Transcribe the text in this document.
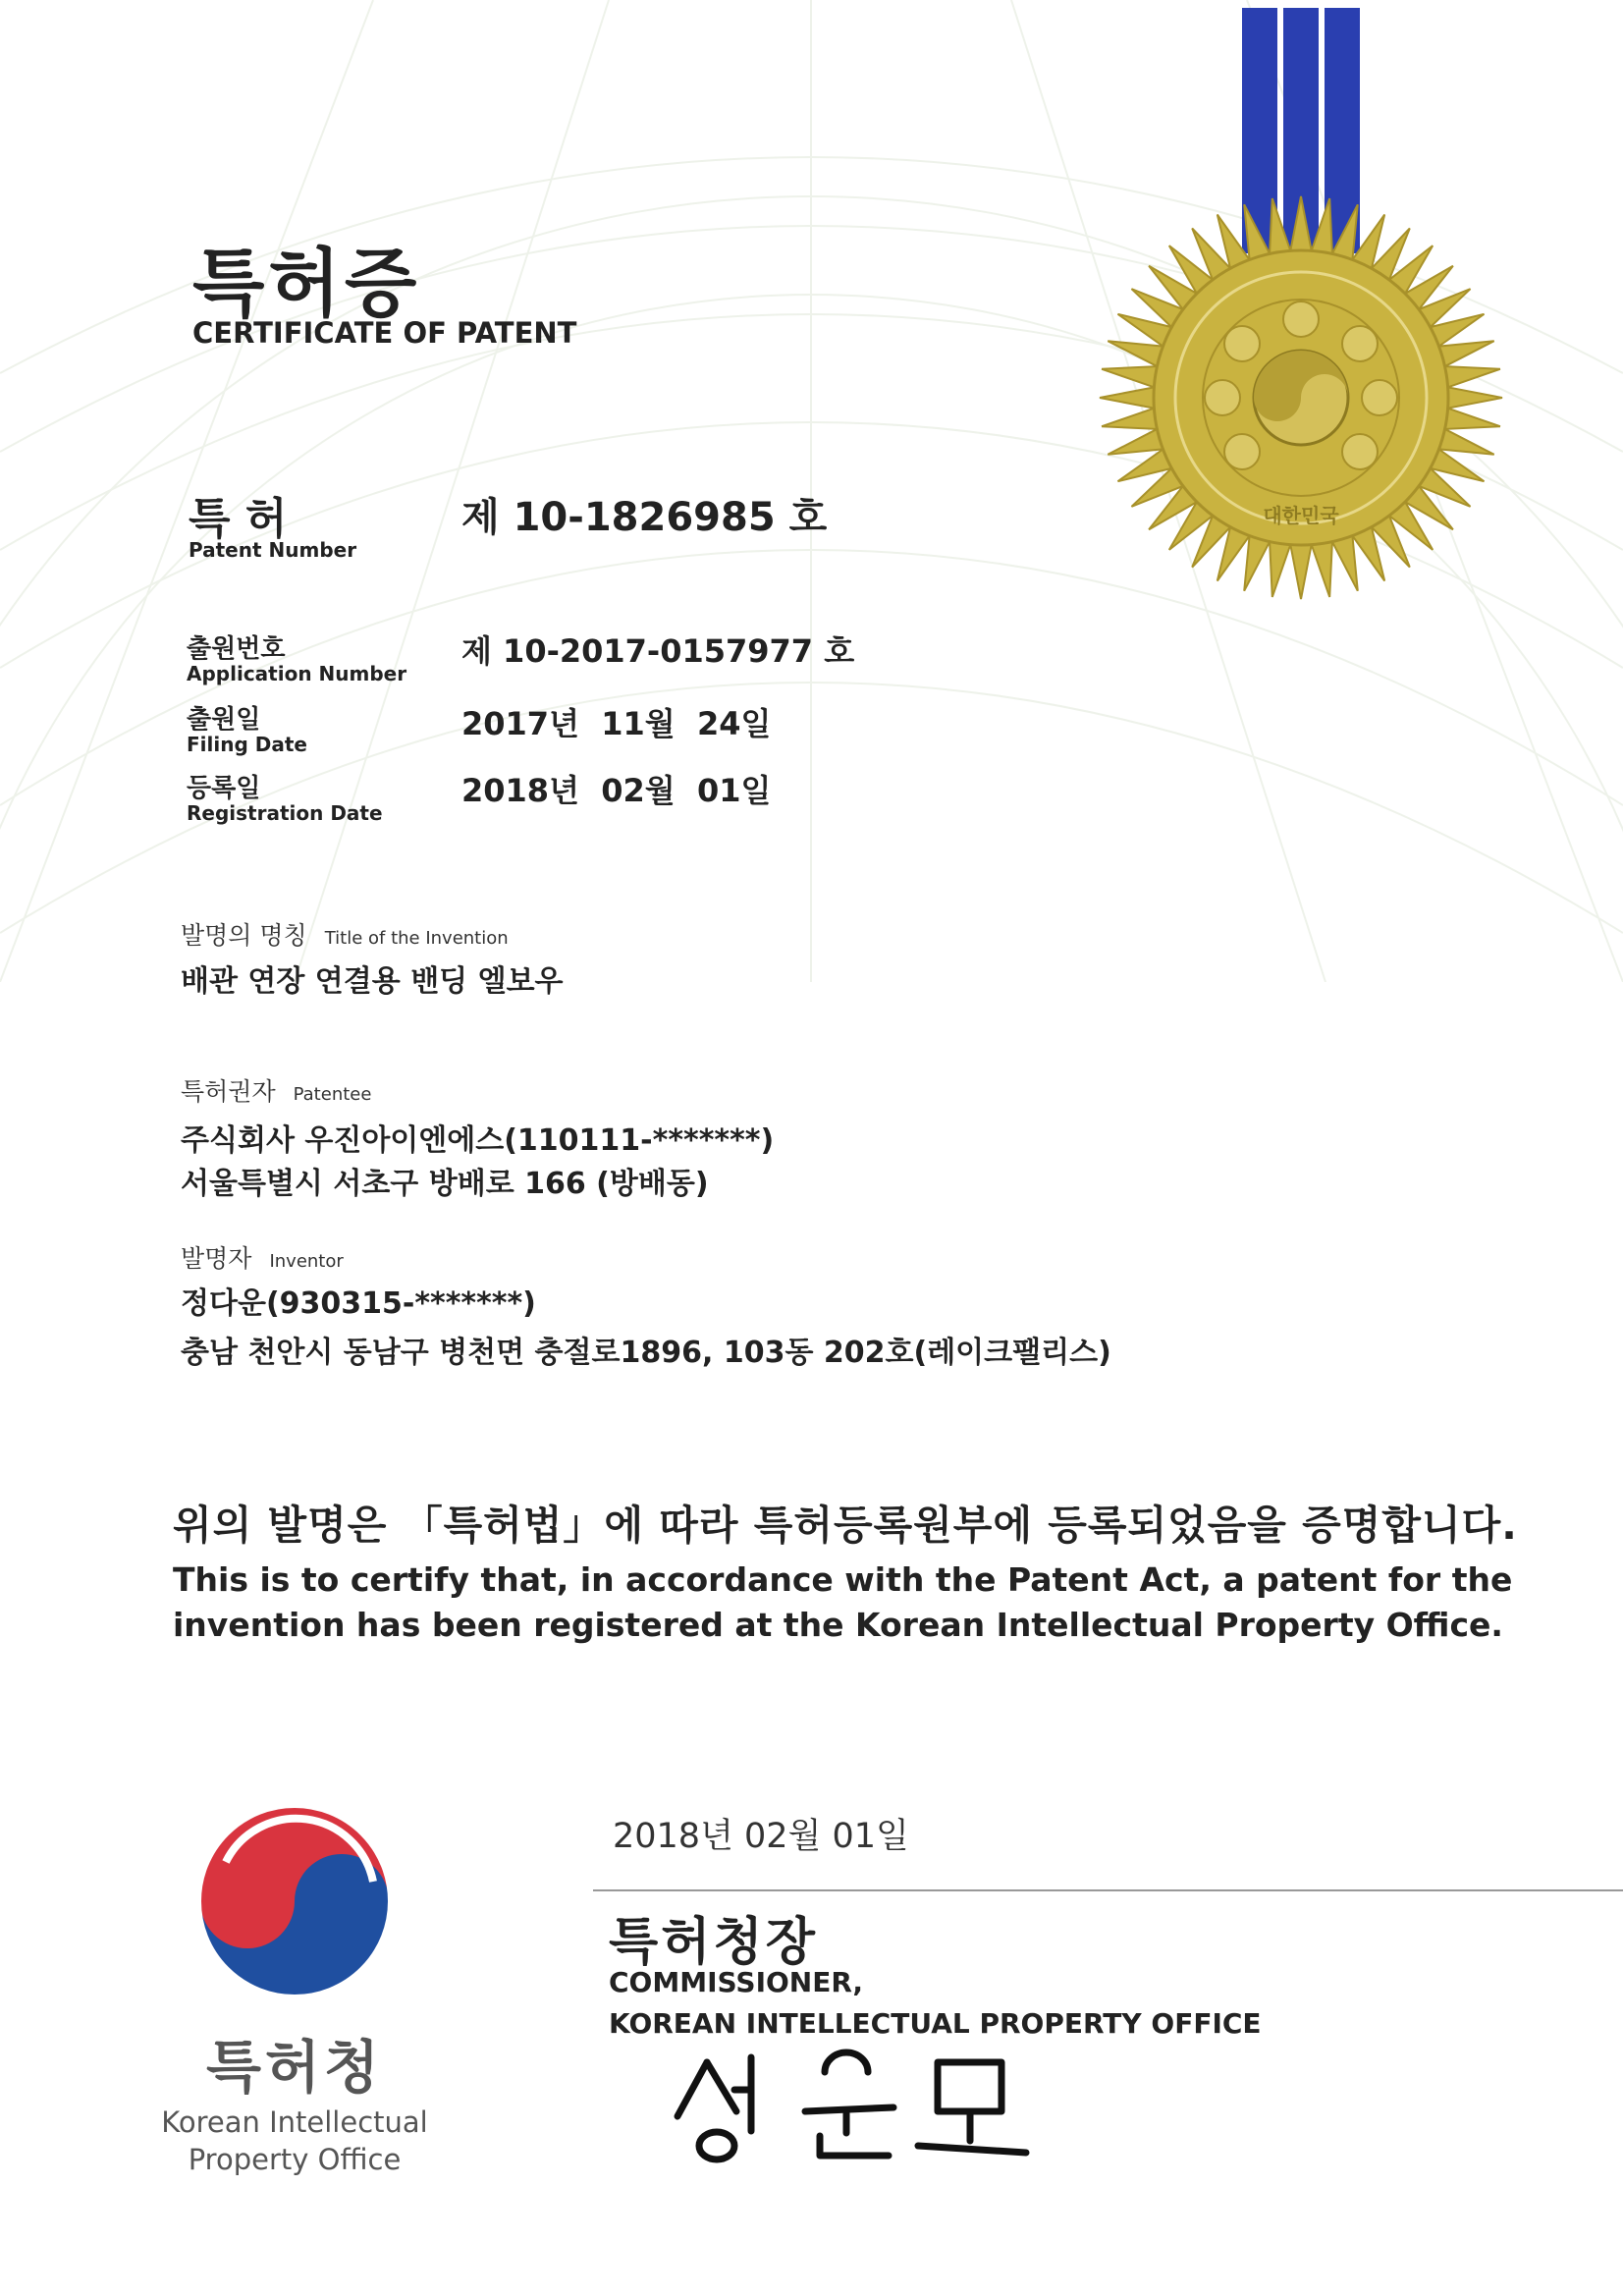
특허증
CERTIFICATE OF PATENT
대한민국
특 허
Patent Number
제 10-1826985 호
출원번호
Application Number
제 10-2017-0157977 호
출원일
Filing Date
2017년  11월  24일
등록일
Registration Date
2018년  02월  01일
발명의 명칭 Title of the Invention
배관 연장 연결용 밴딩 엘보우
특허권자 Patentee
주식회사 우진아이엔에스(110111-*******)
서울특별시 서초구 방배로 166 (방배동)
발명자 Inventor
정다운(930315-*******)
충남 천안시 동남구 병천면 충절로1896, 103동 202호(레이크팰리스)
위의 발명은 「특허법」에 따라 특허등록원부에 등록되었음을 증명합니다.
This is to certify that, in accordance with the Patent Act, a patent for the invention has been registered at the Korean Intellectual Property Office.
특허청
Korean Intellectual Property Office
2018년 02월 01일
특허청장
COMMISSIONER,
KOREAN INTELLECTUAL PROPERTY OFFICE
